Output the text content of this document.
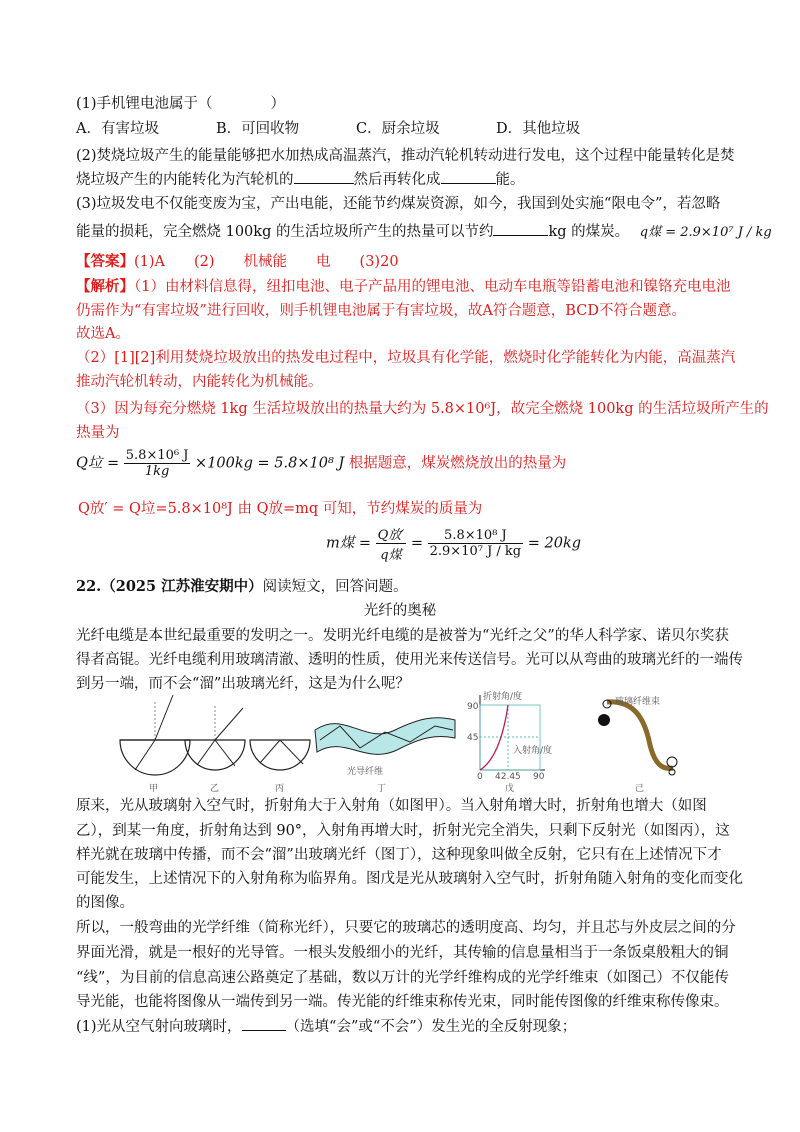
(1)手机锂电池属于（　　　　）
A．有害垃圾	B．可回收物	C．厨余垃圾	D．其他垃圾
(2)焚烧垃圾产生的能量能够把水加热成高温蒸汽，推动汽轮机转动进行发电，这个过程中能量转化是焚
烧垃圾产生的内能转化为汽轮机的	然后再转化成	能。
(3)垃圾发电不仅能变废为宝，产出电能，还能节约煤炭资源，如今，我国到处实施“限电令”，若忽略
能量的损耗，完全燃烧 100kg 的生活垃圾所产生的热量可以节约	kg 的煤炭。 q煤 = 2.9×10⁷ J / kg
【答案】(1)A　　(2)　　机械能　　电　　(3)20
【解析】（1）由材料信息得，纽扣电池、电子产品用的锂电池、电动车电瓶等铅蓄电池和镍铬充电电池
仍需作为“有害垃圾”进行回收，则手机锂电池属于有害垃圾，故A符合题意，BCD不符合题意。
故选A。
（2）[1][2]利用焚烧垃圾放出的热发电过程中，垃圾具有化学能，燃烧时化学能转化为内能，高温蒸汽
推动汽轮机转动，内能转化为机械能。
（3）因为每充分燃烧 1kg 生活垃圾放出的热量大约为 5.8×10⁶J，故完全燃烧 100kg 的生活垃圾所产生的
热量为
Q垃 = $\frac{\text{5.8×10⁶ J}}{1kg} \times 100kg = 5.8\times 10^8$ J 根据题意，煤炭燃烧放出的热量为
Q放′ = Q垃=5.8×10⁸J 由 Q放=mq 可知，节约煤炭的质量为
m煤 = $\frac{\text{Q放′}}{\text{q煤}} = \frac{\text{5.8×10⁸ J}}{\text{2.9×10⁷ J / kg}} = 20kg$
22.（2025 江苏淮安期中）阅读短文，回答问题。
光纤的奥秘
光纤电缆是本世纪最重要的发明之一。发明光纤电缆的是被誉为“光纤之父”的华人科学家、诺贝尔奖获
得者高锟。光纤电缆利用玻璃清澈、透明的性质，使用光来传送信号。光可以从弯曲的玻璃光纤的一端传
到另一端，而不会“溜”出玻璃光纤，这是为什么呢？
甲	乙	丙
光导纤维
丁
折射角/度
90
45
0 42.45 90
入射角/度
戊
玻璃纤维束
己
原来，光从玻璃射入空气时，折射角大于入射角（如图甲）。当入射角增大时，折射角也增大（如图
乙），到某一角度，折射角达到 90°，入射角再增大时，折射光完全消失，只剩下反射光（如图丙），这
样光就在玻璃中传播，而不会“溜”出玻璃光纤（图丁），这种现象叫做全反射，它只有在上述情况下才
可能发生，上述情况下的入射角称为临界角。图戊是光从玻璃射入空气时，折射角随入射角的变化而变化
的图像。
所以，一般弯曲的光学纤维（简称光纤），只要它的玻璃芯的透明度高、均匀，并且芯与外皮层之间的分
界面光滑，就是一根好的光导管。一根头发般细小的光纤，其传输的信息量相当于一条饭桌般粗大的铜
“线”，为目前的信息高速公路奠定了基础，数以万计的光学纤维构成的光学纤维束（如图己）不仅能传
导光能，也能将图像从一端传到另一端。传光能的纤维束称传光束，同时能传图像的纤维束称传像束。
(1)光从空气射向玻璃时，	（选填“会”或“不会”）发生光的全反射现象；
